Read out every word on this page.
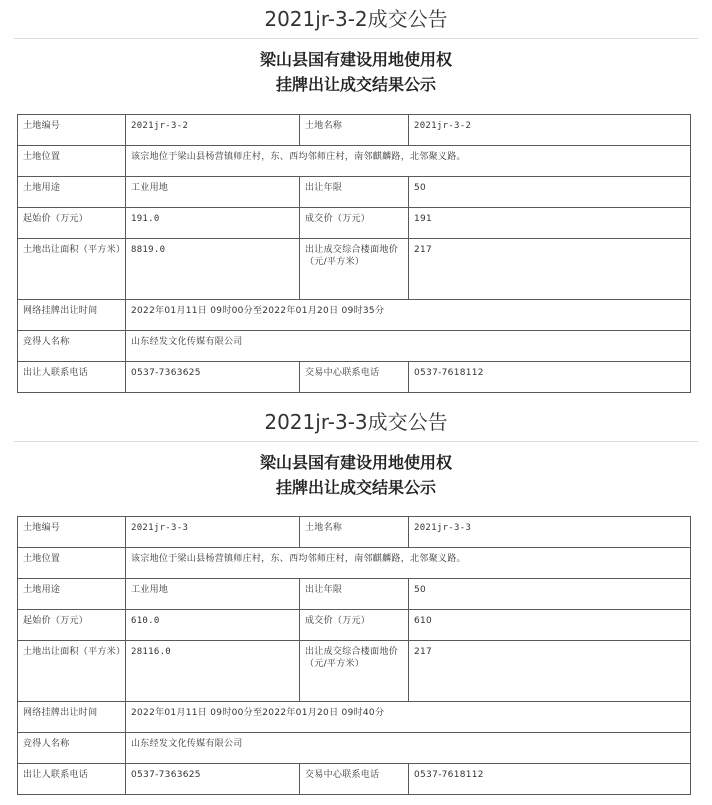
2021jr-3-2成交公告
梁山县国有建设用地使用权
挂牌出让成交结果公示
土地编号	2021jr-3-2	土地名称	2021jr-3-2
土地位置	该宗地位于梁山县杨营镇师庄村，东、西均邻师庄村，南邻麒麟路，北邻聚义路。		
土地用途	工业用地	出让年限	50
起始价（万元）	191.0	成交价（万元）	191
土地出让面积（平方米）	8819.0	出让成交综合楼面地价（元/平方米）	217
网络挂牌出让时间	2022年01月11日 09时00分至2022年01月20日 09时35分		
竞得人名称	山东经发文化传媒有限公司		
出让人联系电话	0537-7363625	交易中心联系电话	0537-7618112
2021jr-3-3成交公告
梁山县国有建设用地使用权
挂牌出让成交结果公示
土地编号	2021jr-3-3	土地名称	2021jr-3-3
土地位置	该宗地位于梁山县杨营镇师庄村，东、西均邻师庄村，南邻麒麟路，北邻聚义路。		
土地用途	工业用地	出让年限	50
起始价（万元）	610.0	成交价（万元）	610
土地出让面积（平方米）	28116.0	出让成交综合楼面地价（元/平方米）	217
网络挂牌出让时间	2022年01月11日 09时00分至2022年01月20日 09时40分		
竞得人名称	山东经发文化传媒有限公司		
出让人联系电话	0537-7363625	交易中心联系电话	0537-7618112
